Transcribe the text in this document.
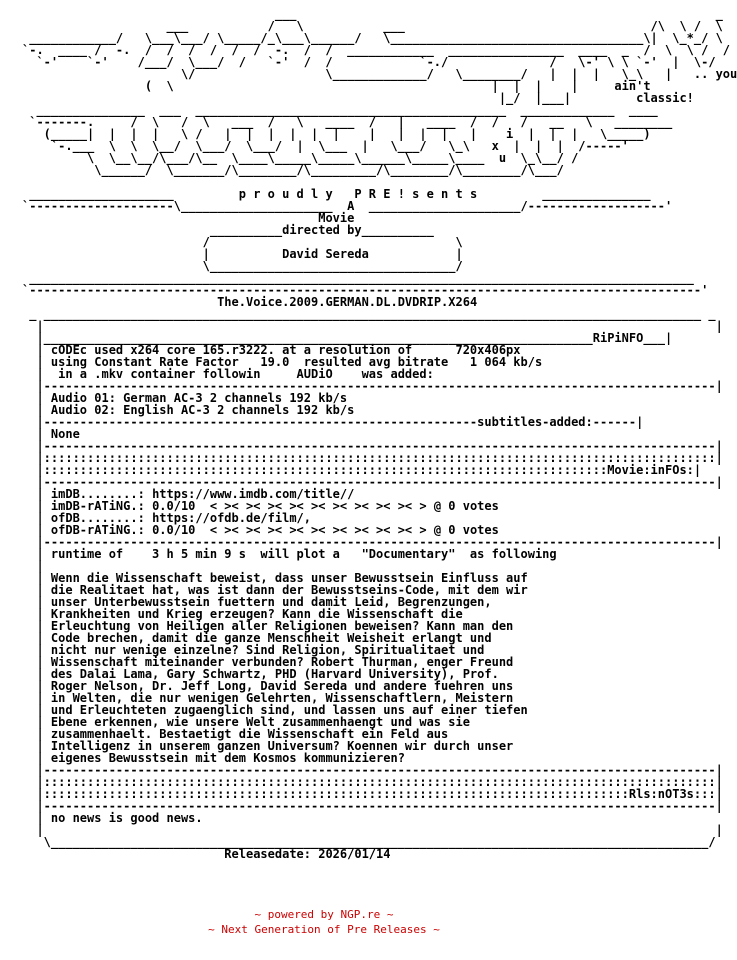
___                                                          _
___           /   \           ___                                  /\  \ /  \
____________/   \___\___/ \_____/_\___\______/   \___________________________________\|  \_*_/ \
`-.  ____ /  -.  /  /  /  /  /  /  -.  /  /  ____________  ________________  ____  _  /  \  \ /  /
`-'    `-'    /___/  \___/  /   `-'  /  /            `-./              /   \-' \ \ `-'  |  \-/
\/                  \_____________/   \________/   |  |  |   \_\   |   .. you
(  \                                            |  |  |    |     ain't
|_/  |___|         classic!
_______________  ___  ___________________________________________  _____________  ____
`-------.     /  \   /  \   ___  /   \   ____  /   |   ____  /  /   /   __   \   ________
(_____|  |  |  |   \ /   |  |  |  |  |  |    |   |  |  |   |    i  |  |  |   \_____)
`-.___  \  \  \__/  \___/  \___/  |  \___  |   \___/   \_\   x  |  |  |  /-----'
\  \__\__/\___/\__  \____\_____\_____\______\_____\____  u  \_\__/ /
\______/  \_______/\________/\_________/\________/\________/\___/

____________________	p r o u d l y   P R E ! s e n t s	_______________
`--------------------\_____________________  A  _____________________/-------------------'
Movie
__________directed by__________
/                                  \
|	David Sereda	|
\__________________________________/
____________________________________________________________________________________________
`---------------------------------------------------------------------------------------------'
The.Voice.2009.GERMAN.DL.DVDRIP.X264
_ ___________________________________________________________________________________________ _
|                                                                                             |
|____________________________________________________________________________RiPiNFO___|
| cODEc used x264 core 165.r3222. at a resolution of      720x406px
| using Constant Rate Factor   19.0  resulted avg bitrate   1 064 kb/s
|  in a .mkv container followin     AUDiO    was added:
|---------------------------------------------------------------------------------------------|
| Audio 01: German AC-3 2 channels 192 kb/s
| Audio 02: English AC-3 2 channels 192 kb/s
|------------------------------------------------------------subtitles-added:------|
| None
|---------------------------------------------------------------------------------------------|
|:::::::::::::::::::::::::::::::::::::::::::::::::::::::::::::::::::::::::::::::::::::::::::::|
|::::::::::::::::::::::::::::::::::::::::::::::::::::::::::::::::::::::::::::::Movie:inFOs:|
|---------------------------------------------------------------------------------------------|
| imDB........: https://www.imdb.com/title//
| imDB-rATiNG.: 0.0/10  < >< >< >< >< >< >< >< >< >< > @ 0 votes
| ofDB........: https://ofdb.de/film/,
| ofDB-rATiNG.: 0.0/10  < >< >< >< >< >< >< >< >< >< > @ 0 votes
|---------------------------------------------------------------------------------------------|
| runtime of    3 h 5 min 9 s  will plot a   "Documentary"  as following
|
| Wenn die Wissenschaft beweist, dass unser Bewusstsein Einfluss auf
| die Realitaet hat, was ist dann der Bewusstseins-Code, mit dem wir
| unser Unterbewusstsein fuettern und damit Leid, Begrenzungen,
| Krankheiten und Krieg erzeugen? Kann die Wissenschaft die
| Erleuchtung von Heiligen aller Religionen beweisen? Kann man den
| Code brechen, damit die ganze Menschheit Weisheit erlangt und
| nicht nur wenige einzelne? Sind Religion, Spiritualitaet und
| Wissenschaft miteinander verbunden? Robert Thurman, enger Freund
| des Dalai Lama, Gary Schwartz, PHD (Harvard University), Prof.
| Roger Nelson, Dr. Jeff Long, David Sereda und andere fuehren uns
| in Welten, die nur wenigen Gelehrten, Wissenschaftlern, Meistern
| und Erleuchteten zugaenglich sind, und lassen uns auf einer tiefen
| Ebene erkennen, wie unsere Welt zusammenhaengt und was sie
| zusammenhaelt. Bestaetigt die Wissenschaft ein Feld aus
| Intelligenz in unserem ganzen Universum? Koennen wir durch unser
| eigenes Bewusstsein mit dem Kosmos kommunizieren?
|---------------------------------------------------------------------------------------------|
|:::::::::::::::::::::::::::::::::::::::::::::::::::::::::::::::::::::::::::::::::::::::::::::|
|:::::::::::::::::::::::::::::::::::::::::::::::::::::::::::::::::::::::::::::::::Rls:nOT3s:::|
|---------------------------------------------------------------------------------------------|
| no news is good news.
|                                                                                             |
\___________________________________________________________________________________________/
Releasedate: 2026/01/14
~ powered by NGP.re ~
~ Next Generation of Pre Releases ~
